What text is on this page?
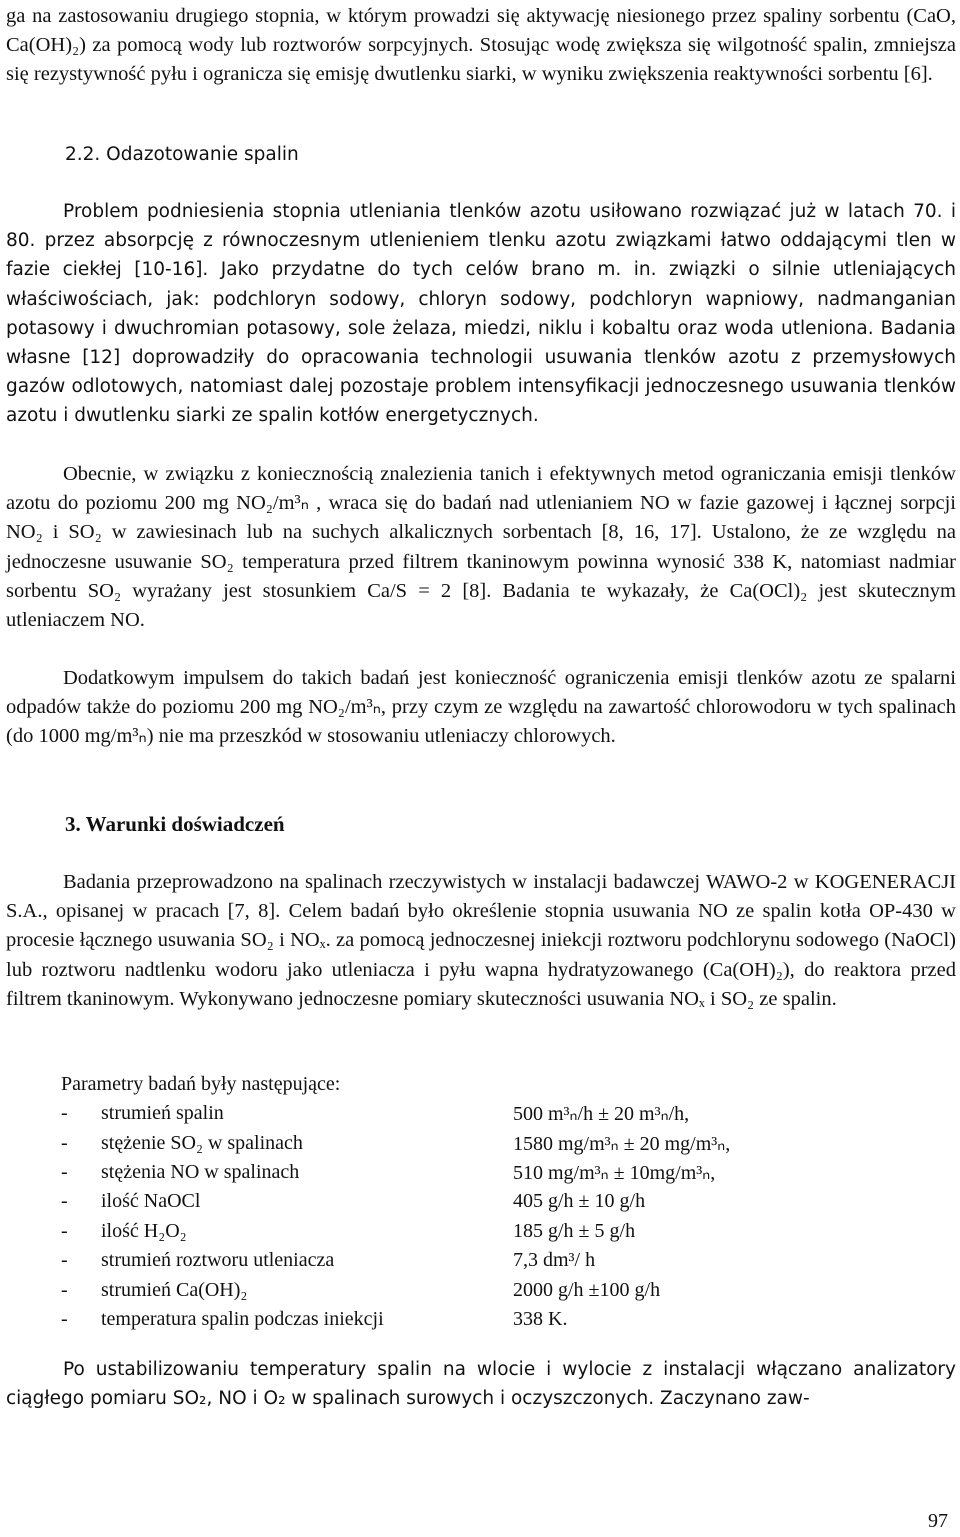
ga na zastosowaniu drugiego stopnia, w którym prowadzi się aktywację niesionego przez spaliny sorbentu (CaO, Ca(OH)₂) za pomocą wody lub roztworów sorpcyjnych. Stosując wodę zwiększa się wilgotność spalin, zmniejsza się rezystywność pyłu i ogranicza się emisję dwutlenku siarki, w wyniku zwiększenia reaktywności sorbentu [6].

2.2. Odazotowanie spalin

Problem podniesienia stopnia utleniania tlenków azotu usiłowano rozwiązać już w latach 70. i 80. przez absorpcję z równoczesnym utlenieniem tlenku azotu związkami łatwo oddającymi tlen w fazie ciekłej [10-16]. Jako przydatne do tych celów brano m. in. związki o silnie utleniających właściwościach, jak: podchloryn sodowy, chloryn sodowy, podchloryn wapniowy, nadmanganian potasowy i dwuchromian potasowy, sole żelaza, miedzi, niklu i kobaltu oraz woda utleniona. Badania własne [12] doprowadziły do opracowania technologii usuwania tlenków azotu z przemysłowych gazów odlotowych, natomiast dalej pozostaje problem intensyfikacji jednoczesnego usuwania tlenków azotu i dwutlenku siarki ze spalin kotłów energetycznych.

Obecnie, w związku z koniecznością znalezienia tanich i efektywnych metod ograniczania emisji tlenków azotu do poziomu 200 mg NO₂/m³ₙ , wraca się do badań nad utlenianiem NO w fazie gazowej i łącznej sorpcji NO₂ i SO₂ w zawiesinach lub na suchych alkalicznych sorbentach [8, 16, 17]. Ustalono, że ze względu na jednoczesne usuwanie SO₂ temperatura przed filtrem tkaninowym powinna wynosić 338 K, natomiast nadmiar sorbentu SO₂ wyrażany jest stosunkiem Ca/S = 2 [8]. Badania te wykazały, że Ca(OCl)₂ jest skutecznym utleniaczem NO.

Dodatkowym impulsem do takich badań jest konieczność ograniczenia emisji tlenków azotu ze spalarni odpadów także do poziomu 200 mg NO₂/m³ₙ, przy czym ze względu na zawartość chlorowodoru w tych spalinach (do 1000 mg/m³ₙ) nie ma przeszkód w stosowaniu utleniaczy chlorowych.

3. Warunki doświadczeń

Badania przeprowadzono na spalinach rzeczywistych w instalacji badawczej WAWO-2 w KOGENERACJI S.A., opisanej w pracach [7, 8]. Celem badań było określenie stopnia usuwania NO ze spalin kotła OP-430 w procesie łącznego usuwania SO₂ i NOₓ. za pomocą jednoczesnej iniekcji roztworu podchlorynu sodowego (NaOCl) lub roztworu nadtlenku wodoru jako utleniacza i pyłu wapna hydratyzowanego (Ca(OH)₂), do reaktora przed filtrem tkaninowym. Wykonywano jednoczesne pomiary skuteczności usuwania NOₓ i SO₂ ze spalin.

Parametry badań były następujące:
-	strumień spalin	500 m³ₙ/h ± 20 m³ₙ/h,
-	stężenie SO₂ w spalinach	1580 mg/m³ₙ ± 20 mg/m³ₙ,
-	stężenia NO w spalinach	510 mg/m³ₙ ± 10mg/m³ₙ,
-	ilość NaOCl	405 g/h ± 10 g/h
-	ilość H₂O₂	185 g/h ± 5 g/h
-	strumień roztworu utleniacza	7,3 dm³/ h
-	strumień Ca(OH)₂	2000 g/h ±100 g/h
-	temperatura spalin podczas iniekcji	338 K.

Po ustabilizowaniu temperatury spalin na wlocie i wylocie z instalacji włączano analizatory ciągłego pomiaru SO₂, NO i O₂ w spalinach surowych i oczyszczonych. Zaczynano zaw-

97
